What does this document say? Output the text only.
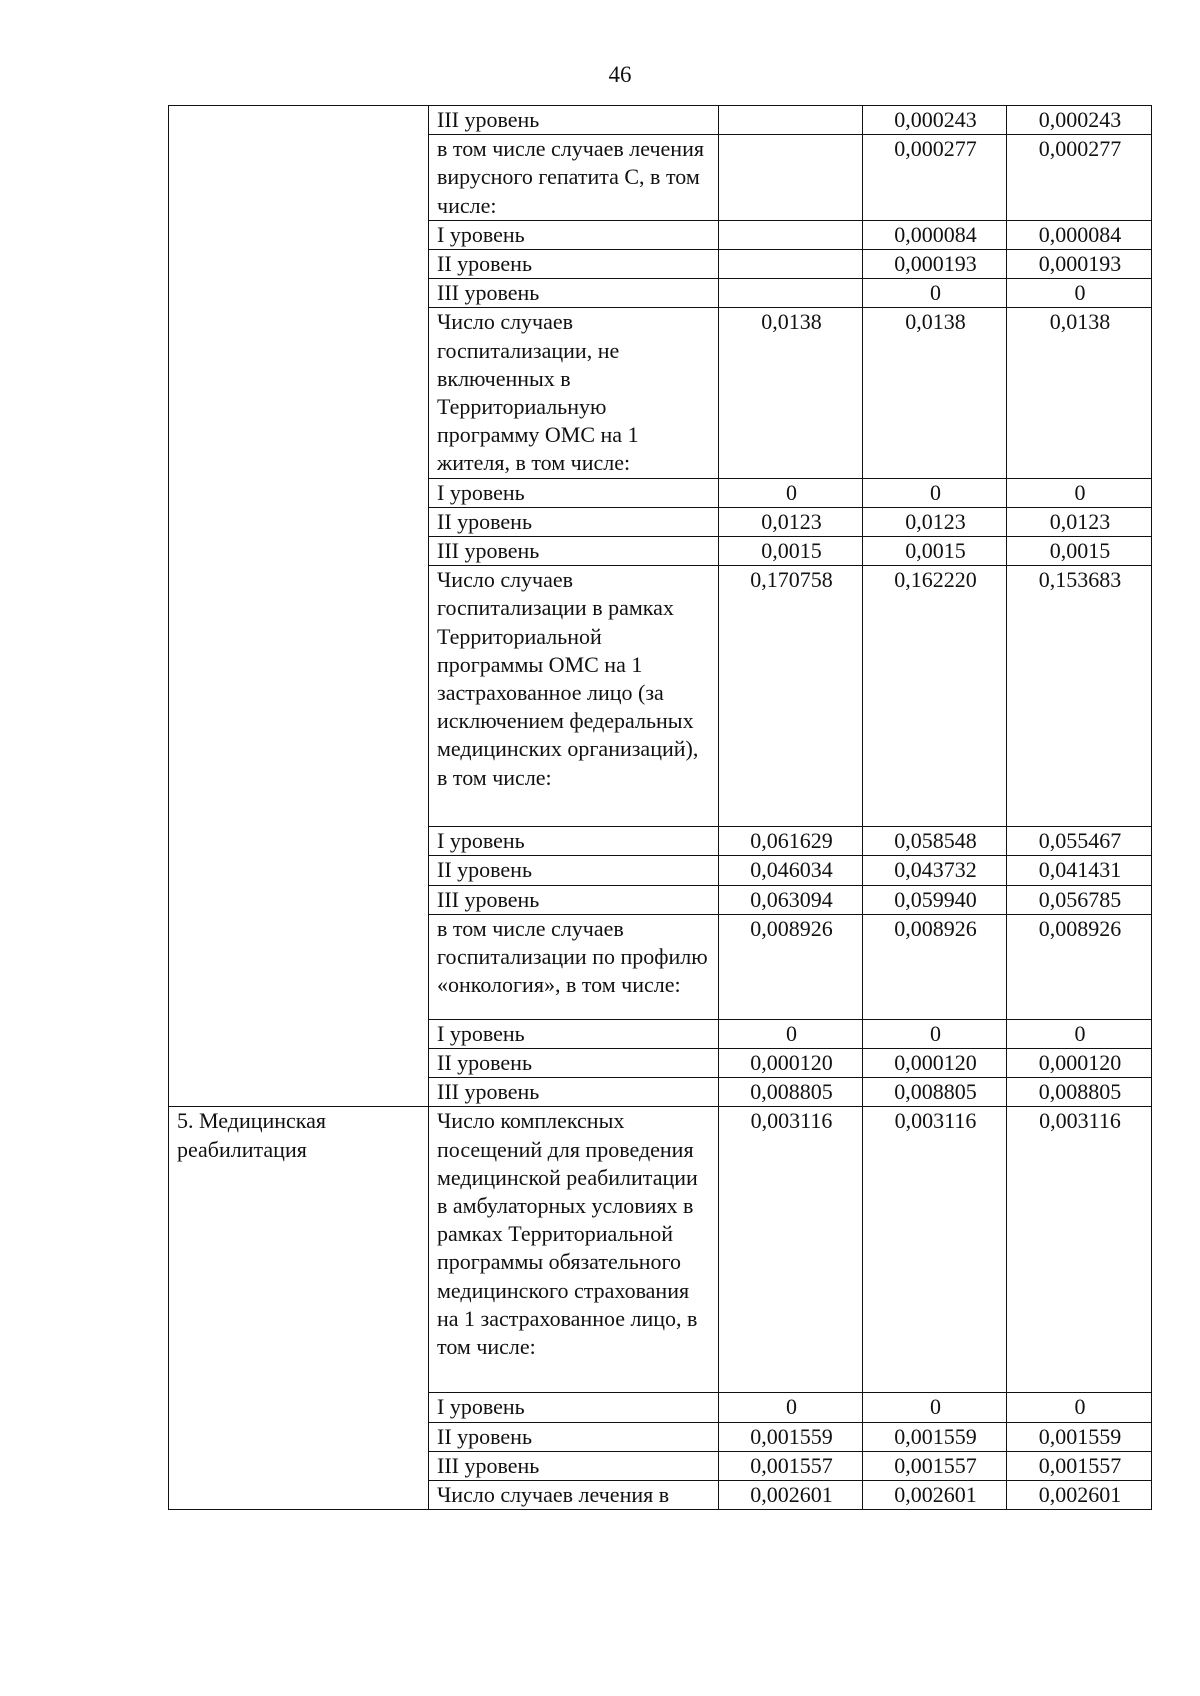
46
	III уровень		0,000243	0,000243
	в том числе случаев лечения вирусного гепатита С, в том числе:		0,000277	0,000277
	I уровень		0,000084	0,000084
	II уровень		0,000193	0,000193
	III уровень		0	0
	Число случаев госпитализации, не включенных в Территориальную программу ОМС на 1 жителя, в том числе:	0,0138	0,0138	0,0138
	I уровень	0	0	0
	II уровень	0,0123	0,0123	0,0123
	III уровень	0,0015	0,0015	0,0015
	Число случаев госпитализации в рамках Территориальной программы ОМС на 1 застрахованное лицо (за исключением федеральных медицинских организаций), в том числе:	0,170758	0,162220	0,153683
	I уровень	0,061629	0,058548	0,055467
	II уровень	0,046034	0,043732	0,041431
	III уровень	0,063094	0,059940	0,056785
	в том числе случаев госпитализации по профилю «онкология», в том числе:	0,008926	0,008926	0,008926
	I уровень	0	0	0
	II уровень	0,000120	0,000120	0,000120
	III уровень	0,008805	0,008805	0,008805
5. Медицинская реабилитация	Число комплексных посещений для проведения медицинской реабилитации в амбулаторных условиях в рамках Территориальной программы обязательного медицинского страхования на 1 застрахованное лицо, в том числе:	0,003116	0,003116	0,003116
	I уровень	0	0	0
	II уровень	0,001559	0,001559	0,001559
	III уровень	0,001557	0,001557	0,001557
	Число случаев лечения в	0,002601	0,002601	0,002601
